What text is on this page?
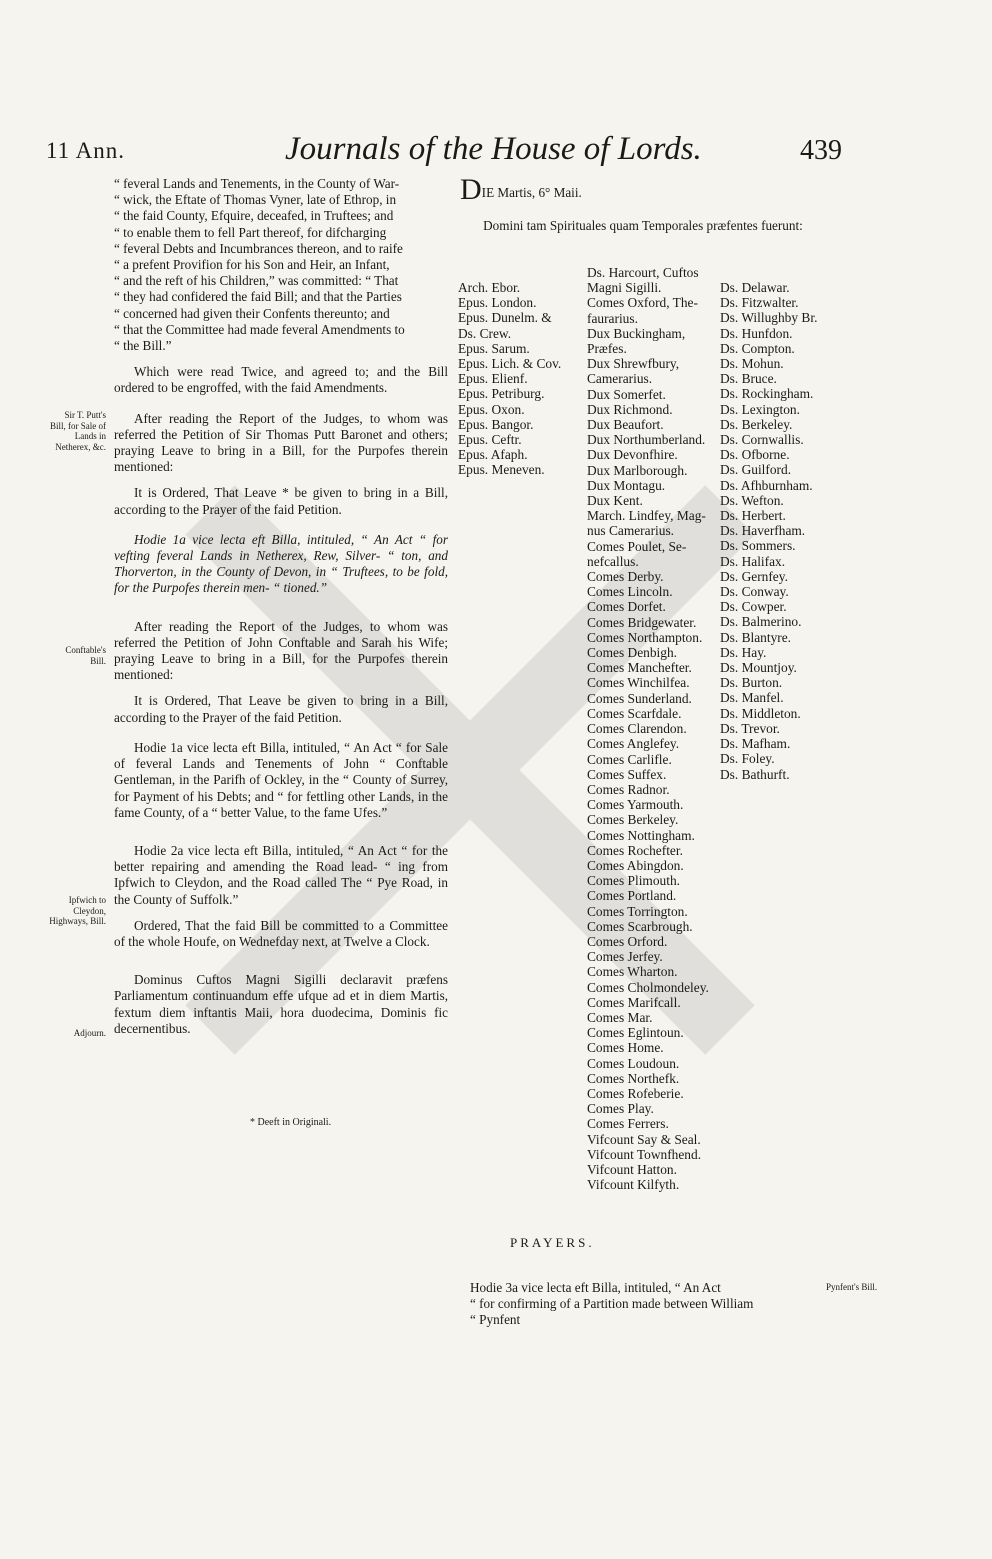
11 Ann.	Journals of the House of Lords.	439
“ feveral Lands and Tenements, in the County of War-
“ wick, the Eftate of Thomas Vyner, late of Ethrop, in
“ the faid County, Efquire, deceafed, in Truftees; and
“ to enable them to fell Part thereof, for difcharging
“ feveral Debts and Incumbrances thereon, and to raife
“ a prefent Provifion for his Son and Heir, an Infant,
“ and the reft of his Children,” was committed: “ That
“ they had confidered the faid Bill; and that the Parties
“ concerned had given their Confents thereunto; and
“ that the Committee had made feveral Amendments to
“ the Bill.”

Which were read Twice, and agreed to; and the Bill ordered to be engroffed, with the faid Amendments.

After reading the Report of the Judges, to whom was referred the Petition of Sir Thomas Putt Baronet and others; praying Leave to bring in a Bill, for the Purpofes therein mentioned:

It is Ordered, That Leave * be given to bring in a Bill, according to the Prayer of the faid Petition.

Hodie 1a vice lecta eft Billa, intituled, “ An Act “ for vefting feveral Lands in Netherex, Rew, Silver- “ ton, and Thorverton, in the County of Devon, in “ Truftees, to be fold, for the Purpofes therein men- “ tioned.”

After reading the Report of the Judges, to whom was referred the Petition of John Conftable and Sarah his Wife; praying Leave to bring in a Bill, for the Purpofes therein mentioned:

It is Ordered, That Leave be given to bring in a Bill, according to the Prayer of the faid Petition.

Hodie 1a vice lecta eft Billa, intituled, “ An Act “ for Sale of feveral Lands and Tenements of John “ Conftable Gentleman, in the Parifh of Ockley, in the “ County of Surrey, for Payment of his Debts; and “ for fettling other Lands, in the fame County, of a “ better Value, to the fame Ufes.”

Hodie 2a vice lecta eft Billa, intituled, “ An Act “ for the better repairing and amending the Road lead- “ ing from Ipfwich to Cleydon, and the Road called The “ Pye Road, in the County of Suffolk.”

Ordered, That the faid Bill be committed to a Committee of the whole Houfe, on Wednefday next, at Twelve a Clock.

Dominus Cuftos Magni Sigilli declaravit præfens Parliamentum continuandum effe ufque ad et in diem Martis, fextum diem inftantis Maii, hora duodecima, Dominis fic decernentibus.

Sir T. Putt's Bill, for Sale of Lands in Netherex, &c.
Conftable's Bill.
Ipfwich to Cleydon, Highways, Bill.
Adjourn.
* Deeft in Originali.
DIE Martis, 6° Maii.
Domini tam Spirituales quam Temporales præfentes fuerunt:
Arch. Ebor.
Epus. London.
Epus. Dunelm. &
Ds. Crew.
Epus. Sarum.
Epus. Lich. & Cov.
Epus. Elienf.
Epus. Petriburg.
Epus. Oxon.
Epus. Bangor.
Epus. Ceftr.
Epus. Afaph.
Epus. Meneven.
Ds. Harcourt, Cuftos
Magni Sigilli.
Comes Oxford, The-
faurarius.
Dux Buckingham,
Præfes.
Dux Shrewfbury,
Camerarius.
Dux Somerfet.
Dux Richmond.
Dux Beaufort.
Dux Northumberland.
Dux Devonfhire.
Dux Marlborough.
Dux Montagu.
Dux Kent.
March. Lindfey, Mag-
nus Camerarius.
Comes Poulet, Se-
nefcallus.
Comes Derby.
Comes Lincoln.
Comes Dorfet.
Comes Bridgewater.
Comes Northampton.
Comes Denbigh.
Comes Manchefter.
Comes Winchilfea.
Comes Sunderland.
Comes Scarfdale.
Comes Clarendon.
Comes Anglefey.
Comes Carlifle.
Comes Suffex.
Comes Radnor.
Comes Yarmouth.
Comes Berkeley.
Comes Nottingham.
Comes Rochefter.
Comes Abingdon.
Comes Plimouth.
Comes Portland.
Comes Torrington.
Comes Scarbrough.
Comes Orford.
Comes Jerfey.
Comes Wharton.
Comes Cholmondeley.
Comes Marifcall.
Comes Mar.
Comes Eglintoun.
Comes Home.
Comes Loudoun.
Comes Northefk.
Comes Rofeberie.
Comes Play.
Comes Ferrers.
Vifcount Say & Seal.
Vifcount Townfhend.
Vifcount Hatton.
Vifcount Kilfyth.
Ds. Delawar.
Ds. Fitzwalter.
Ds. Willughby Br.
Ds. Hunfdon.
Ds. Compton.
Ds. Mohun.
Ds. Bruce.
Ds. Rockingham.
Ds. Lexington.
Ds. Berkeley.
Ds. Cornwallis.
Ds. Ofborne.
Ds. Guilford.
Ds. Afhburnham.
Ds. Wefton.
Ds. Herbert.
Ds. Haverfham.
Ds. Sommers.
Ds. Halifax.
Ds. Gernfey.
Ds. Conway.
Ds. Cowper.
Ds. Balmerino.
Ds. Blantyre.
Ds. Hay.
Ds. Mountjoy.
Ds. Burton.
Ds. Manfel.
Ds. Middleton.
Ds. Trevor.
Ds. Mafham.
Ds. Foley.
Ds. Bathurft.
PRAYERS.
Hodie 3a vice lecta eft Billa, intituled, “ An Act
“ for confirming of a Partition made between William
“ Pynfent
Pynfent's Bill.
